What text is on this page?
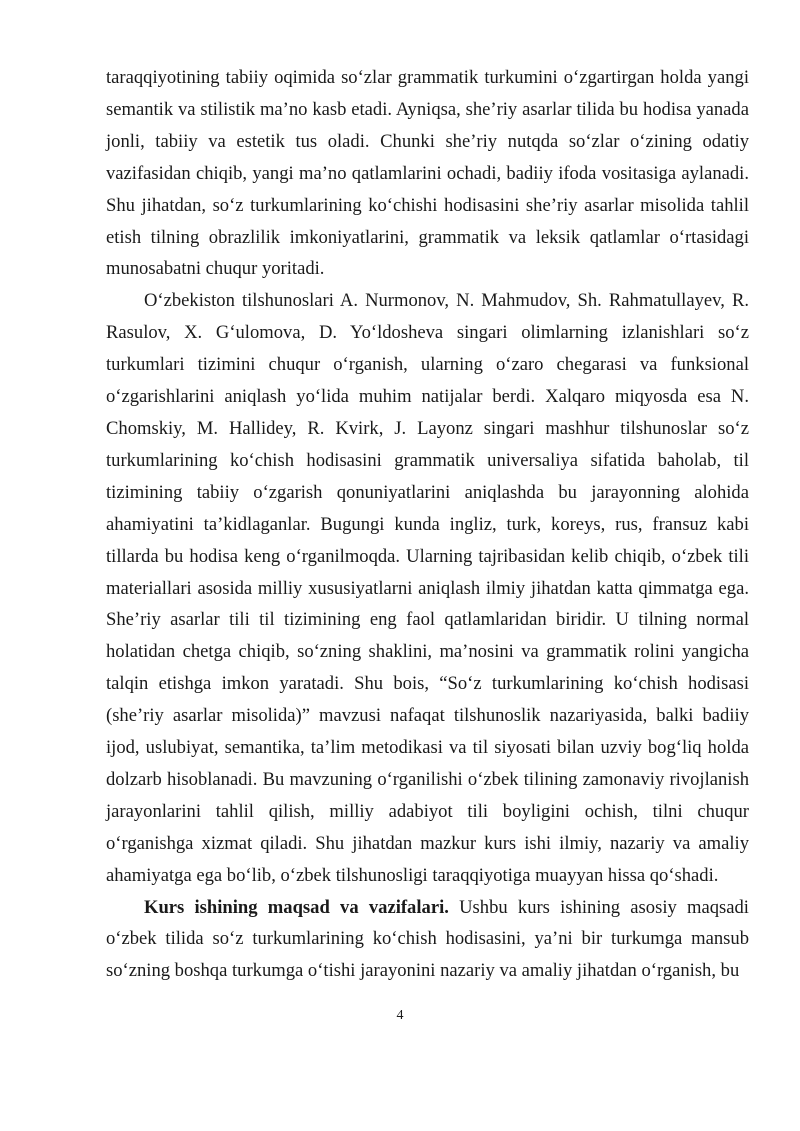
taraqqiyotining tabiiy oqimida so‘zlar grammatik turkumini o‘zgartirgan holda yangi semantik va stilistik ma’no kasb etadi. Ayniqsa, she’riy asarlar tilida bu hodisa yanada jonli, tabiiy va estetik tus oladi. Chunki she’riy nutqda so‘zlar o‘zining odatiy vazifasidan chiqib, yangi ma’no qatlamlarini ochadi, badiiy ifoda vositasiga aylanadi. Shu jihatdan, so‘z turkumlarining ko‘chishi hodisasini she’riy asarlar misolida tahlil etish tilning obrazlilik imkoniyatlarini, grammatik va leksik qatlamlar o‘rtasidagi munosabatni chuqur yoritadi.

O‘zbekiston tilshunoslari A. Nurmonov, N. Mahmudov, Sh. Rahmatullayev, R. Rasulov, X. G‘ulomova, D. Yo‘ldosheva singari olimlarning izlanishlari so‘z turkumlari tizimini chuqur o‘rganish, ularning o‘zaro chegarasi va funksional o‘zgarishlarini aniqlash yo‘lida muhim natijalar berdi. Xalqaro miqyosda esa N. Chomskiy, M. Hallidey, R. Kvirk, J. Layonz singari mashhur tilshunoslar so‘z turkumlarining ko‘chish hodisasini grammatik universaliya sifatida baholab, til tizimining tabiiy o‘zgarish qonuniyatlarini aniqlashda bu jarayonning alohida ahamiyatini ta’kidlaganlar. Bugungi kunda ingliz, turk, koreys, rus, fransuz kabi tillarda bu hodisa keng o‘rganilmoqda. Ularning tajribasidan kelib chiqib, o‘zbek tili materiallari asosida milliy xususiyatlarni aniqlash ilmiy jihatdan katta qimmatga ega. She’riy asarlar tili til tizimining eng faol qatlamlaridan biridir. U tilning normal holatidan chetga chiqib, so‘zning shaklini, ma’nosini va grammatik rolini yangicha talqin etishga imkon yaratadi. Shu bois, “So‘z turkumlarining ko‘chish hodisasi (she’riy asarlar misolida)” mavzusi nafaqat tilshunoslik nazariyasida, balki badiiy ijod, uslubiyat, semantika, ta’lim metodikasi va til siyosati bilan uzviy bog‘liq holda dolzarb hisoblanadi. Bu mavzuning o‘rganilishi o‘zbek tilining zamonaviy rivojlanish jarayonlarini tahlil qilish, milliy adabiyot tili boyligini ochish, tilni chuqur o‘rganishga xizmat qiladi. Shu jihatdan mazkur kurs ishi ilmiy, nazariy va amaliy ahamiyatga ega bo‘lib, o‘zbek tilshunosligi taraqqiyotiga muayyan hissa qo‘shadi.

Kurs ishining maqsad va vazifalari. Ushbu kurs ishining asosiy maqsadi o‘zbek tilida so‘z turkumlarining ko‘chish hodisasini, ya’ni bir turkumga mansub so‘zning boshqa turkumga o‘tishi jarayonini nazariy va amaliy jihatdan o‘rganish, bu

4
